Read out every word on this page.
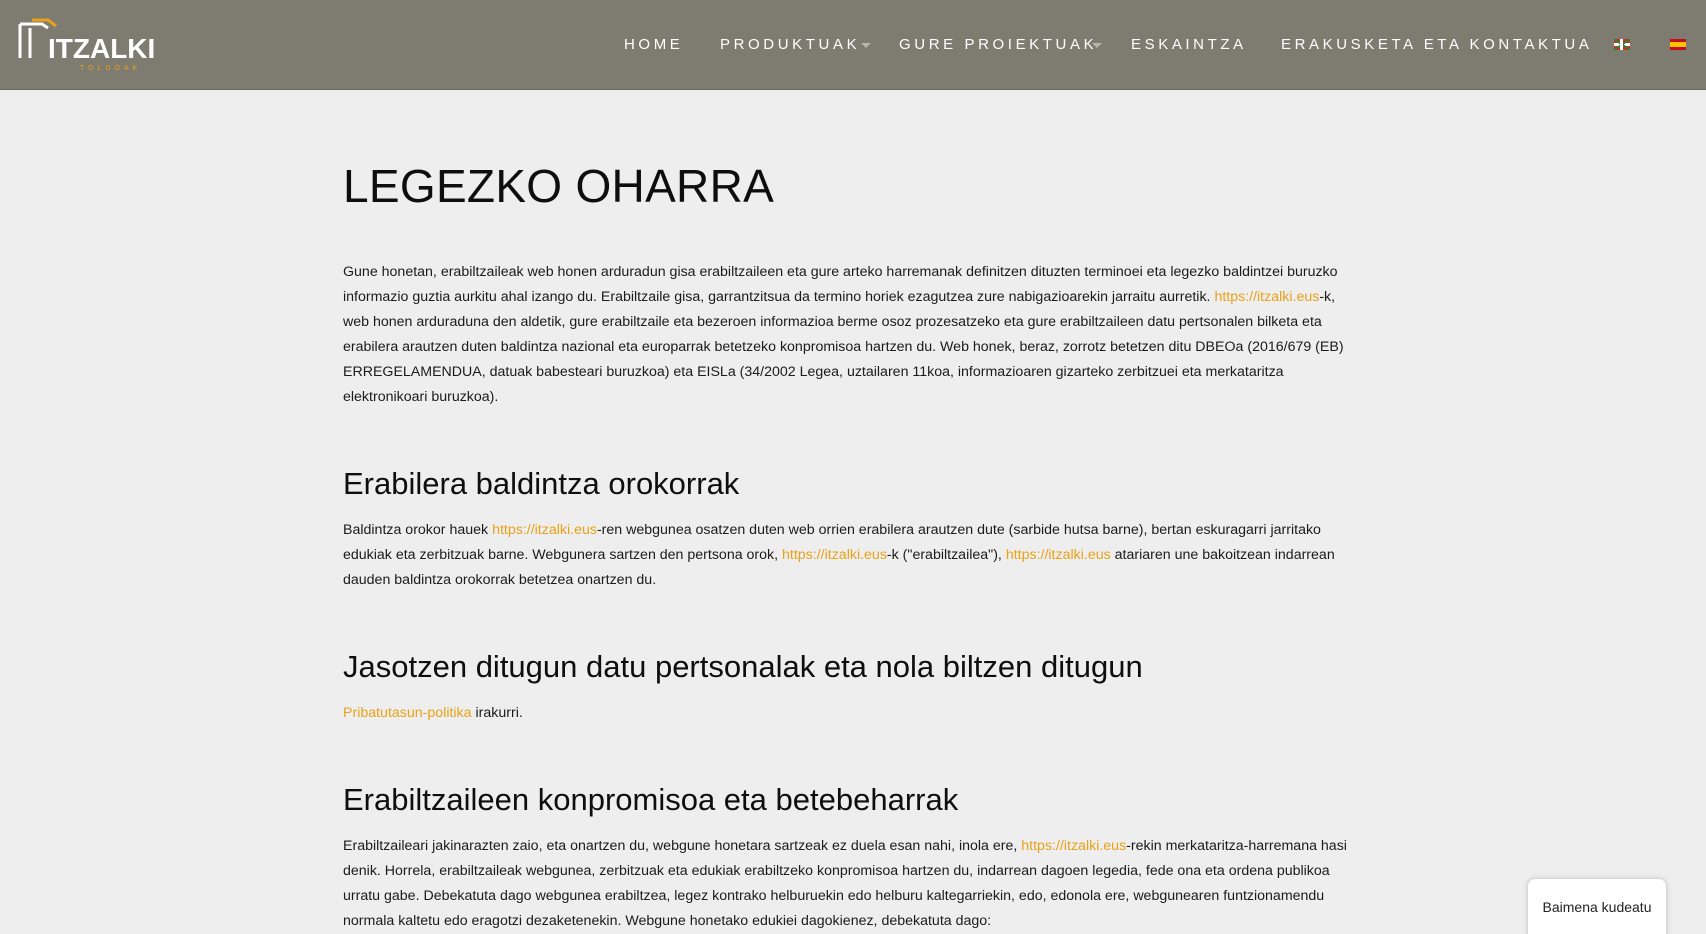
ITZALKI
TOLDOAK
HOME PRODUKTUAK	GURE PROIEKTUAK ESKAINTZA ERAKUSKETA ETA KONTAKTUA
LEGEZKO OHARRA

Gune honetan, erabiltzaileak web honen arduradun gisa erabiltzaileen eta gure arteko harremanak definitzen dituzten terminoei eta legezko baldintzei buruzko informazio guztia aurkitu ahal izango du. Erabiltzaile gisa, garrantzitsua da termino horiek ezagutzea zure nabigazioarekin jarraitu aurretik. https://itzalki.eus-k, web honen arduraduna den aldetik, gure erabiltzaile eta bezeroen informazioa berme osoz prozesatzeko eta gure erabiltzaileen datu pertsonalen bilketa eta erabilera arautzen duten baldintza nazional eta europarrak betetzeko konpromisoa hartzen du. Web honek, beraz, zorrotz betetzen ditu DBEOa (2016/679 (EB) ERREGELAMENDUA, datuak babesteari buruzkoa) eta EISLa (34/2002 Legea, uztailaren 11koa, informazioaren gizarteko zerbitzuei eta merkataritza elektronikoari buruzkoa).

Erabilera baldintza orokorrak

Baldintza orokor hauek https://itzalki.eus-ren webgunea osatzen duten web orrien erabilera arautzen dute (sarbide hutsa barne), bertan eskuragarri jarritako edukiak eta zerbitzuak barne. Webgunera sartzen den pertsona orok, https://itzalki.eus-k ("erabiltzailea"), https://itzalki.eus atariaren une bakoitzean indarrean dauden baldintza orokorrak betetzea onartzen du.

Jasotzen ditugun datu pertsonalak eta nola biltzen ditugun

Pribatutasun-politika irakurri.

Erabiltzaileen konpromisoa eta betebeharrak

Erabiltzaileari jakinarazten zaio, eta onartzen du, webgune honetara sartzeak ez duela esan nahi, inola ere, https://itzalki.eus-rekin merkataritza-harremana hasi denik. Horrela, erabiltzaileak webgunea, zerbitzuak eta edukiak erabiltzeko konpromisoa hartzen du, indarrean dagoen legedia, fede ona eta ordena publikoa urratu gabe. Debekatuta dago webgunea erabiltzea, legez kontrako helburuekin edo helburu kaltegarriekin, edo, edonola ere, webgunearen funtzionamendu normala kaltetu edo eragotzi dezaketenekin. Webgune honetako edukiei dagokienez, debekatuta dago:

Baimena kudeatu
